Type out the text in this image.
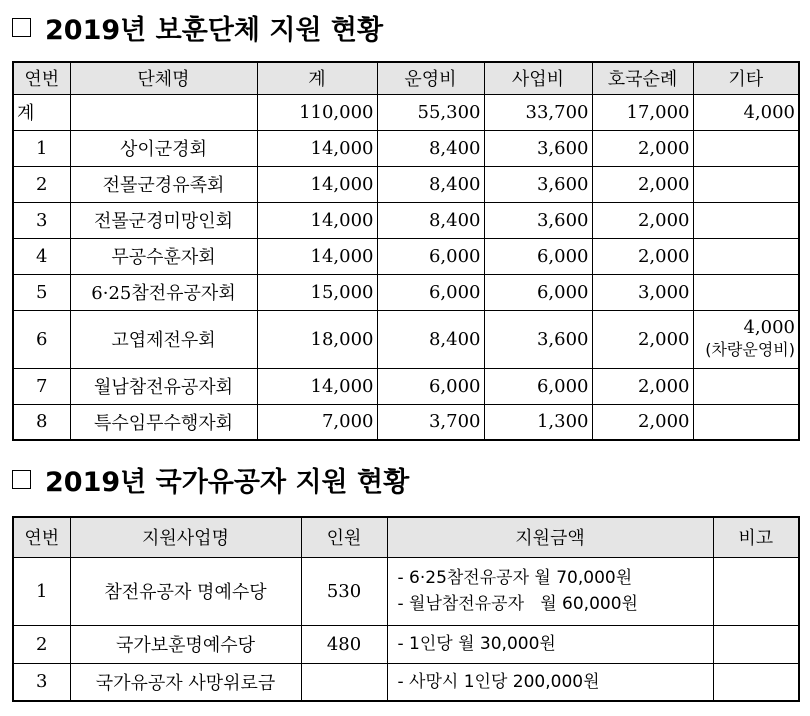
2019년 보훈단체 지원 현황
연번	단체명	계	운영비	사업비	호국순례	기타
계		110,000	55,300	33,700	17,000	4,000
1	상이군경회	14,000	8,400	3,600	2,000	
2	전몰군경유족회	14,000	8,400	3,600	2,000	
3	전몰군경미망인회	14,000	8,400	3,600	2,000	
4	무공수훈자회	14,000	6,000	6,000	2,000	
5	6·25참전유공자회	15,000	6,000	6,000	3,000	
6	고엽제전우회	18,000	8,400	3,600	2,000	4,000
(차량운영비)

7	월남참전유공자회	14,000	6,000	6,000	2,000	
8	특수임무수행자회	7,000	3,700	1,300	2,000	
2019년 국가유공자 지원 현황
연번	지원사업명	인원	지원금액	비고
1	참전유공자 명예수당	530	- 6·25참전유공자 월 70,000원
- 월남참전유공자   월 60,000원	

2	국가보훈명예수당	480	- 1인당 월 30,000원	
3	국가유공자 사망위로금		- 사망시 1인당 200,000원	
